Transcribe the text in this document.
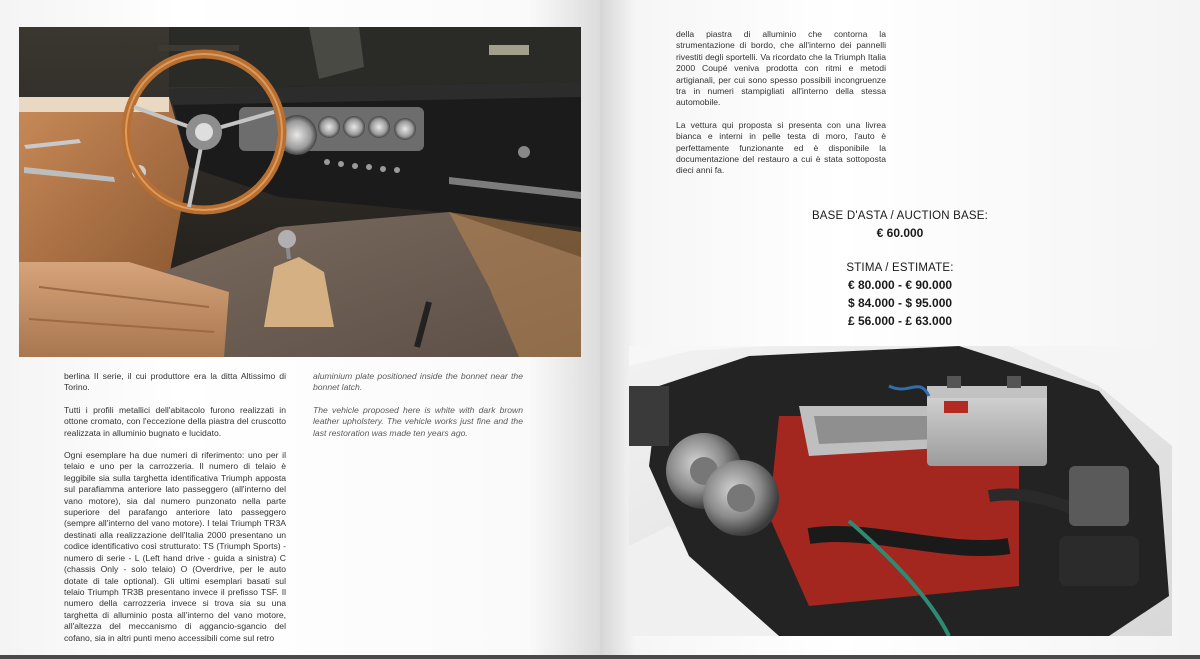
berlina II serie, il cui produttore era la ditta Altissimo di Torino.

Tutti i profili metallici dell'abitacolo furono realizzati in ottone cromato, con l'eccezione della piastra del cruscotto realizzata in alluminio bugnato e lucidato.

Ogni esemplare ha due numeri di riferimento: uno per il telaio e uno per la carrozzeria. Il numero di telaio è leggibile sia sulla targhetta identificativa Triumph apposta sul parafiamma anteriore lato passeggero (all'interno del vano motore), sia dal numero punzonato nella parte superiore del parafango anteriore lato passeggero (sempre all'interno del vano motore). I telai Triumph TR3A destinati alla realizzazione dell'Italia 2000 presentano un codice identificativo così strutturato: TS (Triumph Sports) - numero di serie - L (Left hand drive - guida a sinistra) C (chassis Only - solo telaio) O (Overdrive, per le auto dotate di tale optional). Gli ultimi esemplari basati sul telaio Triumph TR3B presentano invece il prefisso TSF. Il numero della carrozzeria invece si trova sia su una targhetta di alluminio posta all'interno del vano motore, all'altezza del meccanismo di aggancio-sgancio del cofano, sia in altri punti meno accessibili come sul retro

aluminium plate positioned inside the bonnet near the bonnet latch.

The vehicle proposed here is white with dark brown leather upholstery. The vehicle works just fine and the last restoration was made ten years ago.

della piastra di alluminio che contorna la strumentazione di bordo, che all'interno dei pannelli rivestiti degli sportelli. Va ricordato che la Triumph Italia 2000 Coupé veniva prodotta con ritmi e metodi artigianali, per cui sono spesso possibili incongruenze tra in numeri stampigliati all'interno della stessa automobile.

La vettura qui proposta si presenta con una livrea bianca e interni in pelle testa di moro, l'auto è perfettamente funzionante ed è disponibile la documentazione del restauro a cui è stata sottoposta dieci anni fa.

BASE D'ASTA / AUCTION BASE:

€ 60.000

STIMA / ESTIMATE:

€ 80.000 - € 90.000

$ 84.000 - $ 95.000

£ 56.000 - £ 63.000
